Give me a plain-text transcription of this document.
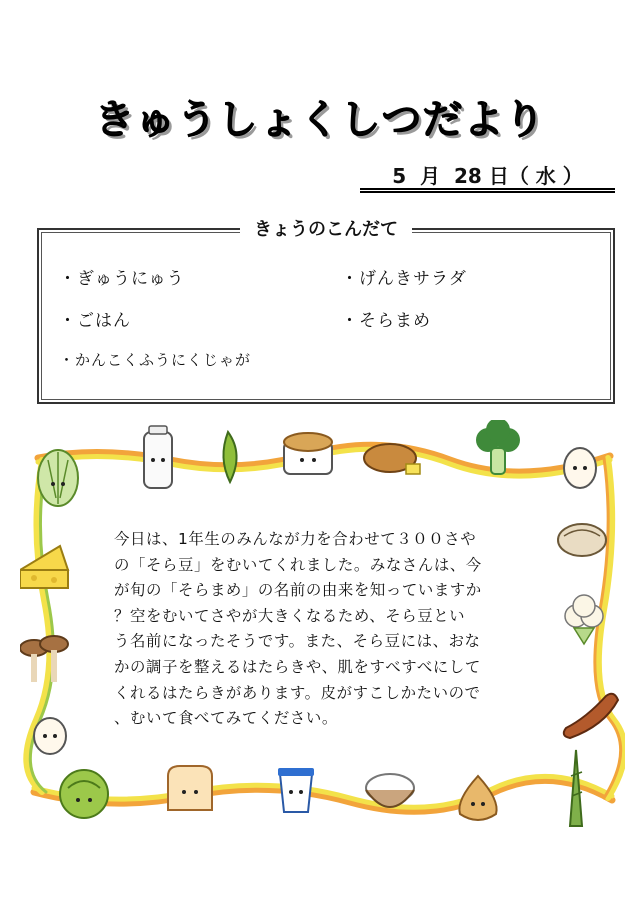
きゅうしょくしつだより
5 月 28 日（ 水 ）
きょうのこんだて
・ぎゅうにゅう	・げんきサラダ
・ごはん	・そらまめ
・かんこくふうにくじゃが
今日は、1年生のみんなが力を合わせて３００さや
の「そら豆」をむいてくれました。みなさんは、今
が旬の「そらまめ」の名前の由来を知っていますか
？空をむいてさやが大きくなるため、そら豆とい
う名前になったそうです。また、そら豆には、おな
かの調子を整えるはたらきや、肌をすべすべにして
くれるはたらきがあります。皮がすこしかたいので
、むいて食べてみてください。
